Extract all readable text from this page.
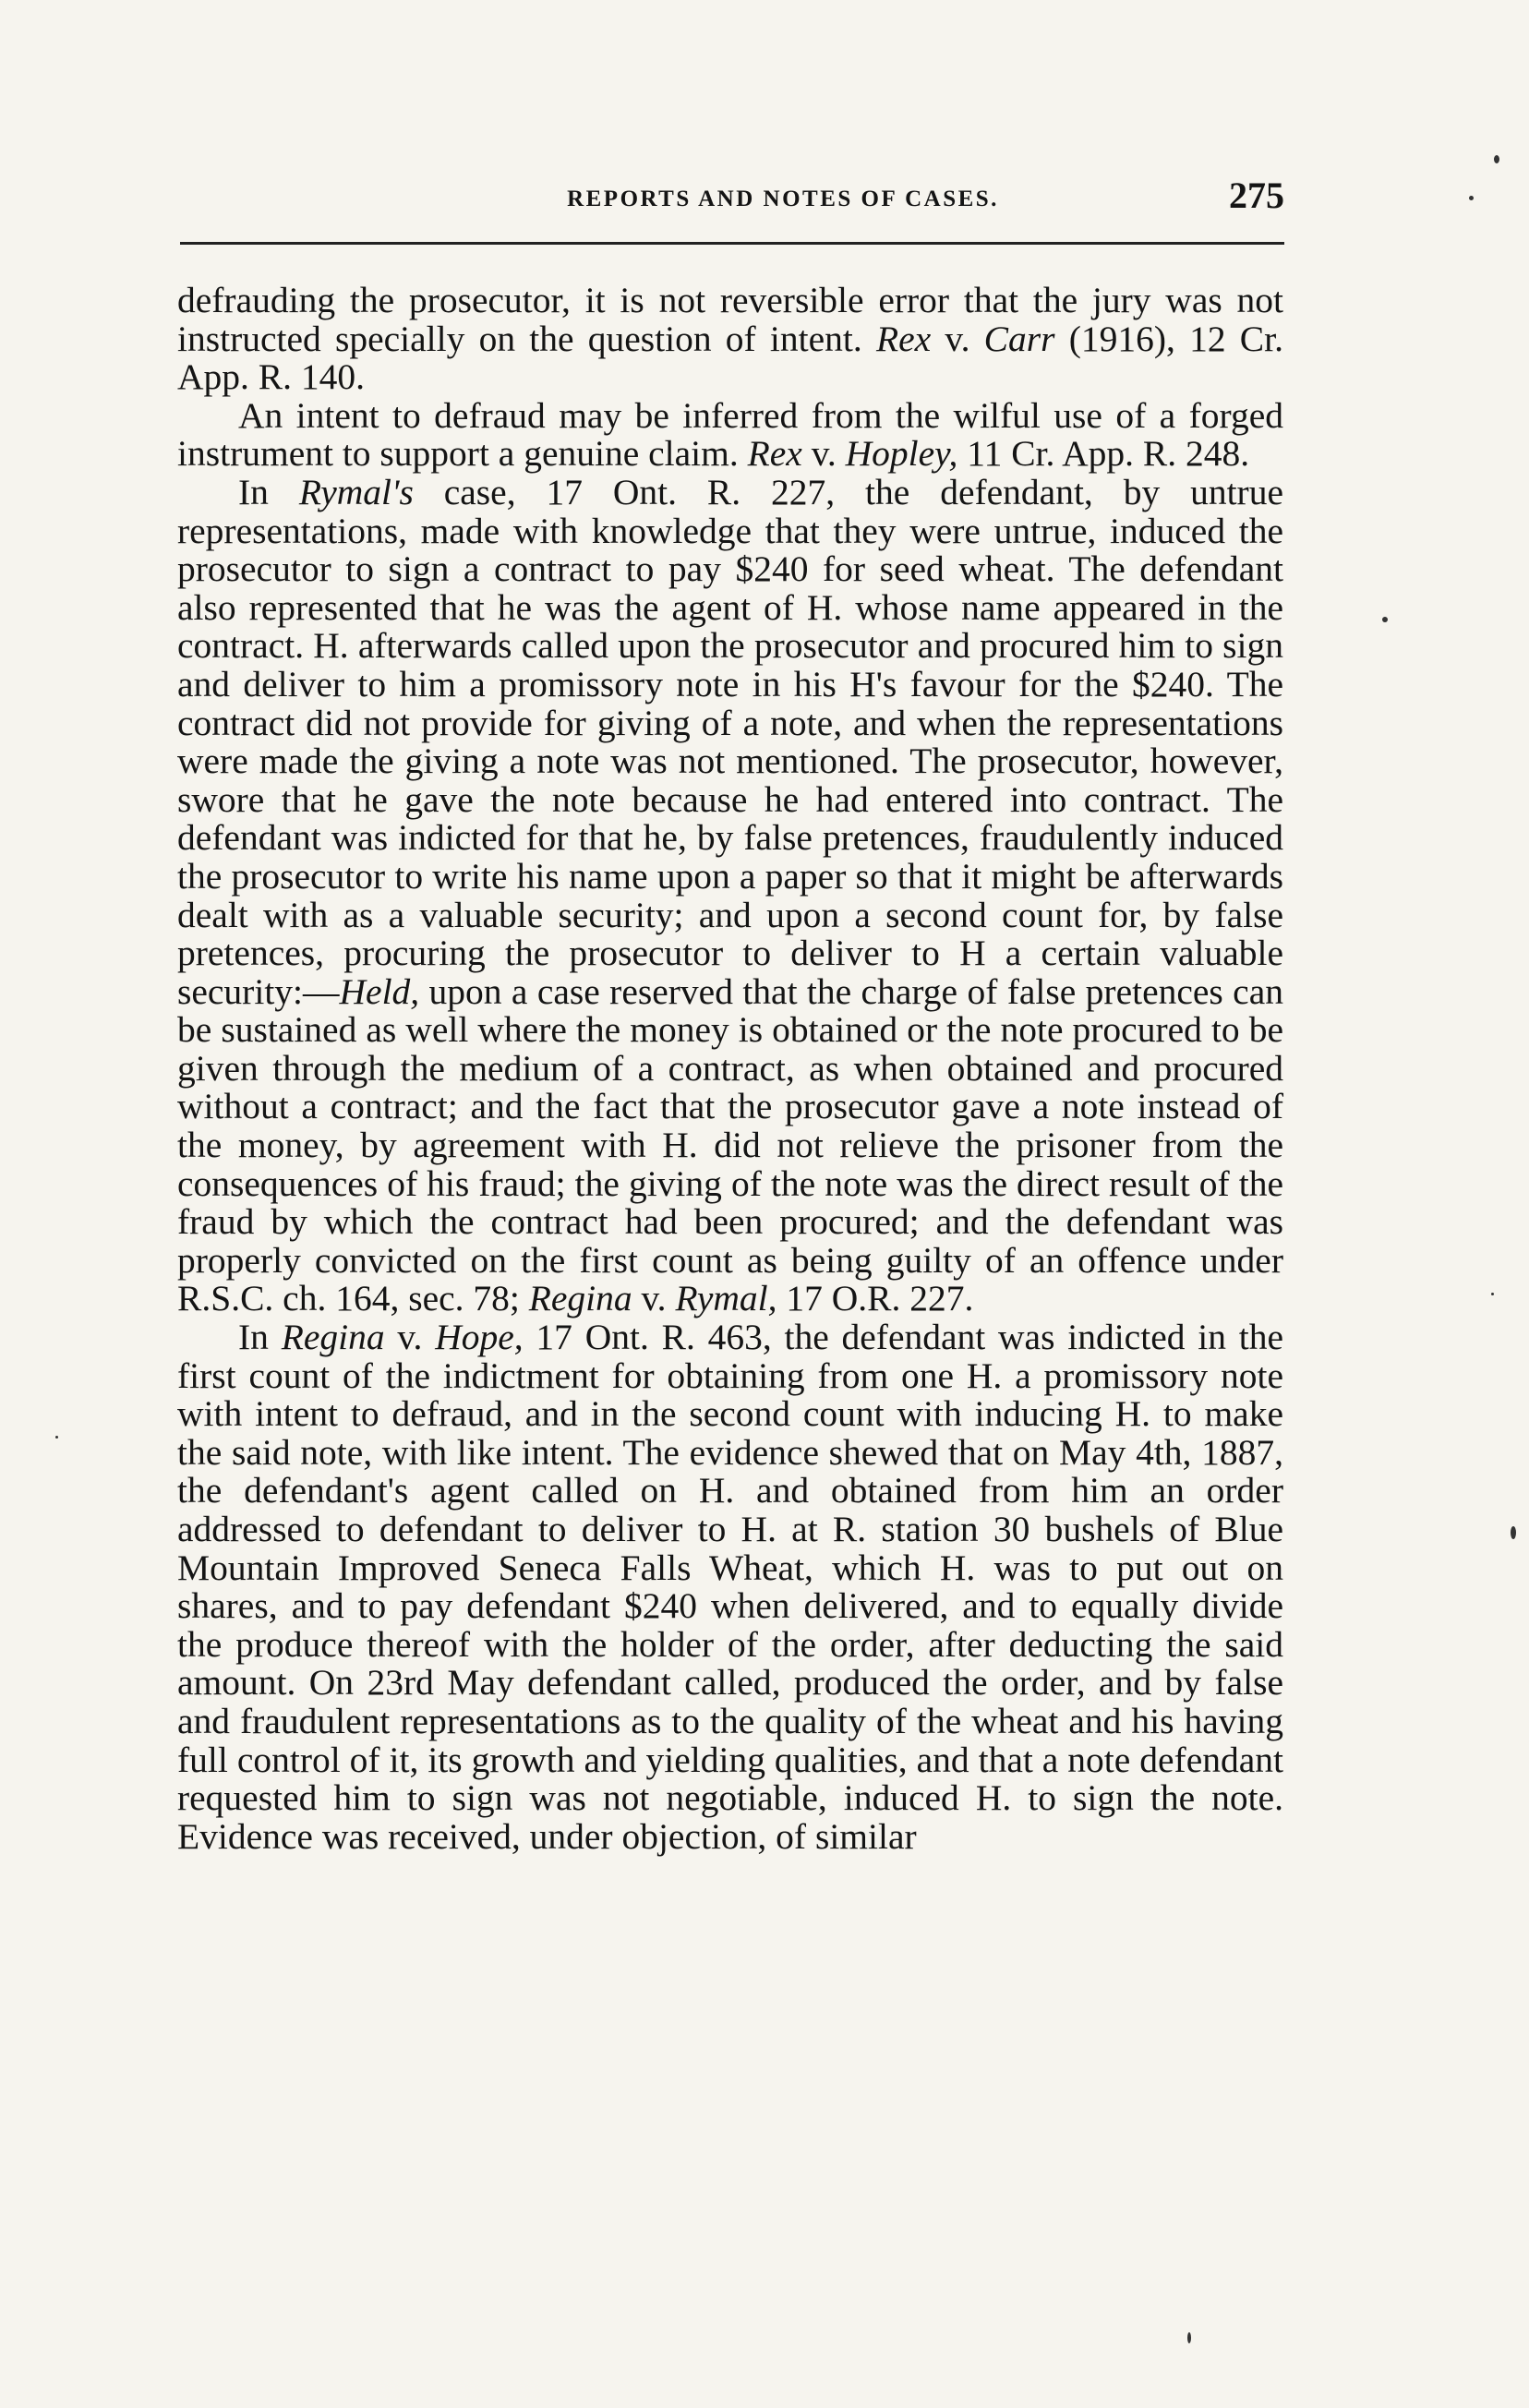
REPORTS AND NOTES OF CASES.	275

defrauding the prosecutor, it is not reversible error that the jury was not instructed specially on the question of intent. Rex v. Carr (1916), 12 Cr. App. R. 140.

An intent to defraud may be inferred from the wilful use of a forged instrument to support a genuine claim. Rex v. Hopley, 11 Cr. App. R. 248.

In Rymal's case, 17 Ont. R. 227, the defendant, by untrue representations, made with knowledge that they were untrue, induced the prosecutor to sign a contract to pay $240 for seed wheat. The defendant also represented that he was the agent of H. whose name appeared in the contract. H. afterwards called upon the prosecutor and procured him to sign and deliver to him a promissory note in his H's favour for the $240. The contract did not provide for giving of a note, and when the representations were made the giving a note was not mentioned. The prosecutor, however, swore that he gave the note because he had entered into contract. The defendant was indicted for that he, by false pretences, fraudulently induced the prosecutor to write his name upon a paper so that it might be afterwards dealt with as a valuable security; and upon a second count for, by false pretences, procuring the prosecutor to deliver to H a certain valuable security:—Held, upon a case reserved that the charge of false pretences can be sustained as well where the money is obtained or the note procured to be given through the medium of a contract, as when obtained and procured without a contract; and the fact that the prosecutor gave a note instead of the money, by agreement with H. did not relieve the prisoner from the consequences of his fraud; the giving of the note was the direct result of the fraud by which the contract had been procured; and the defendant was properly convicted on the first count as being guilty of an offence under R.S.C. ch. 164, sec. 78; Regina v. Rymal, 17 O.R. 227.

In Regina v. Hope, 17 Ont. R. 463, the defendant was indicted in the first count of the indictment for obtaining from one H. a promissory note with intent to defraud, and in the second count with inducing H. to make the said note, with like intent. The evidence shewed that on May 4th, 1887, the defendant's agent called on H. and obtained from him an order addressed to defendant to deliver to H. at R. station 30 bushels of Blue Mountain Improved Seneca Falls Wheat, which H. was to put out on shares, and to pay defendant $240 when delivered, and to equally divide the produce thereof with the holder of the order, after deducting the said amount. On 23rd May defendant called, produced the order, and by false and fraudulent representations as to the quality of the wheat and his having full control of it, its growth and yielding qualities, and that a note defendant requested him to sign was not negotiable, induced H. to sign the note. Evidence was received, under objection, of similar
